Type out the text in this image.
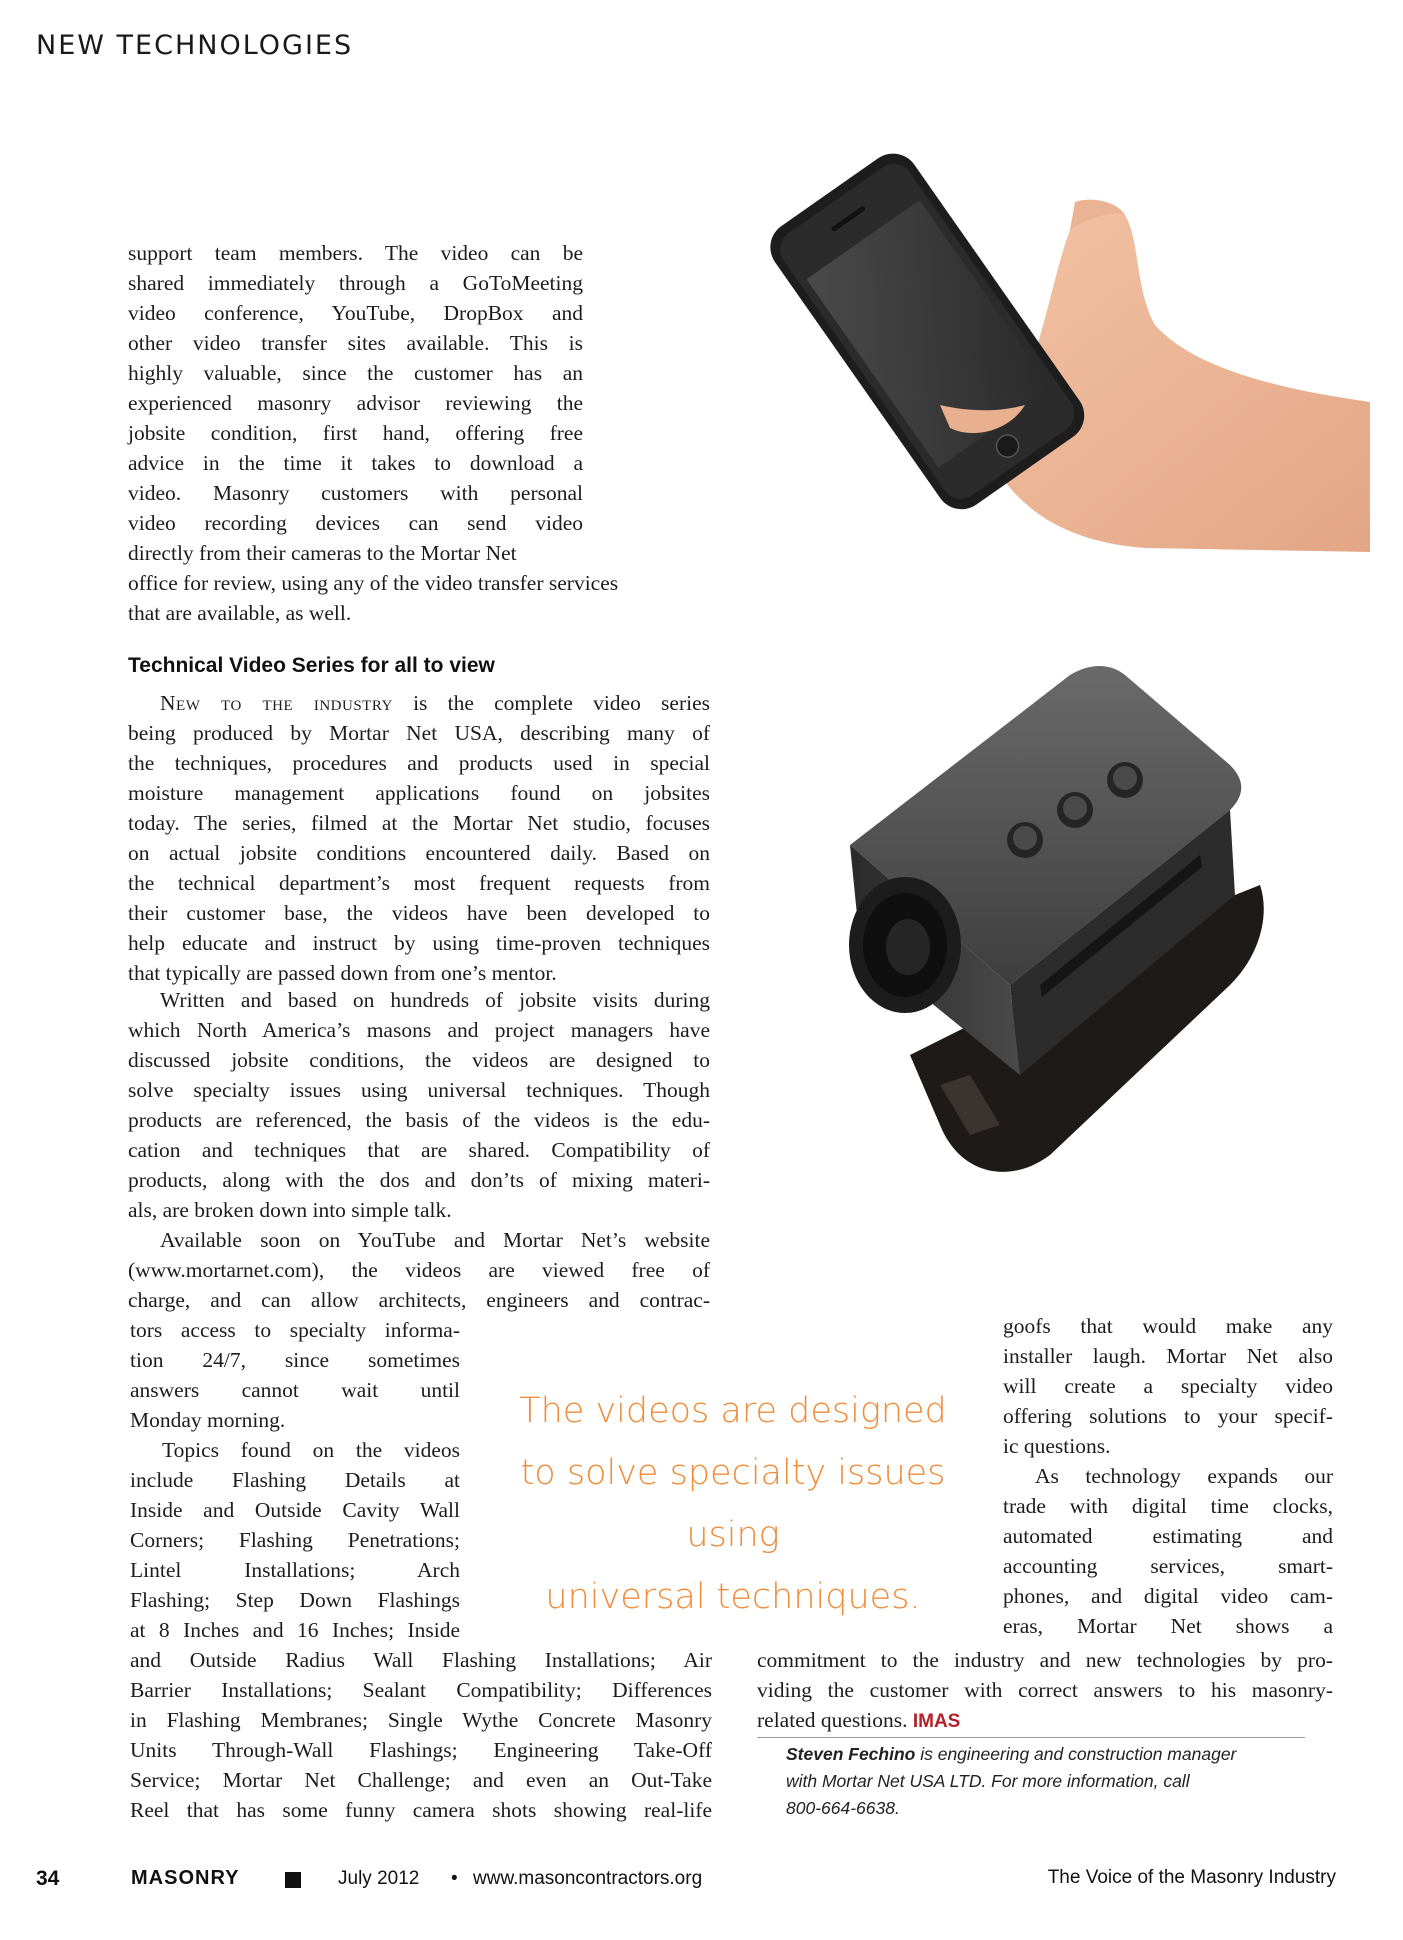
NEW TECHNOLOGIES
support team members. The video can be
shared immediately through a GoToMeeting
video conference, YouTube, DropBox and
other video transfer sites available. This is
highly valuable, since the customer has an
experienced masonry advisor reviewing the
jobsite condition, first hand, offering free
advice in the time it takes to download a
video. Masonry customers with personal
video recording devices can send video
directly from their cameras to the Mortar Net
office for review, using any of the video transfer services
that are available, as well.
Technical Video Series for all to view
New to the industry is the complete video series
being produced by Mortar Net USA, describing many of
the techniques, procedures and products used in special
moisture management applications found on jobsites
today. The series, filmed at the Mortar Net studio, focuses
on actual jobsite conditions encountered daily. Based on
the technical department’s most frequent requests from
their customer base, the videos have been developed to
help educate and instruct by using time-proven techniques
that typically are passed down from one’s mentor.
Written and based on hundreds of jobsite visits during
which North America’s masons and project managers have
discussed jobsite conditions, the videos are designed to
solve specialty issues using universal techniques. Though
products are referenced, the basis of the videos is the edu-
cation and techniques that are shared. Compatibility of
products, along with the dos and don’ts of mixing materi-
als, are broken down into simple talk.
Available soon on YouTube and Mortar Net’s website
(www.mortarnet.com), the videos are viewed free of
charge, and can allow architects, engineers and contrac-
tors access to specialty informa-
tion 24/7, since sometimes
answers cannot wait until
Monday morning.
Topics found on the videos
include Flashing Details at
Inside and Outside Cavity Wall
Corners; Flashing Penetrations;
Lintel Installations; Arch
Flashing; Step Down Flashings
at 8 Inches and 16 Inches; Inside
The videos are designed
to solve specialty issues using
universal techniques.
and Outside Radius Wall Flashing Installations; Air
Barrier Installations; Sealant Compatibility; Differences
in Flashing Membranes; Single Wythe Concrete Masonry
Units Through-Wall Flashings; Engineering Take-Off
Service; Mortar Net Challenge; and even an Out-Take
Reel that has some funny camera shots showing real-life
goofs that would make any
installer laugh. Mortar Net also
will create a specialty video
offering solutions to your specif-
ic questions.
As technology expands our
trade with digital time clocks,
automated estimating and
accounting services, smart-
phones, and digital video cam-
eras, Mortar Net shows a
commitment to the industry and new technologies by pro-
viding the customer with correct answers to his masonry-
related questions. IMAS
Steven Fechino is engineering and construction manager
with Mortar Net USA LTD. For more information, call
800-664-6638.
34	MASONRY	July 2012 • www.masoncontractors.org	The Voice of the Masonry Industry
